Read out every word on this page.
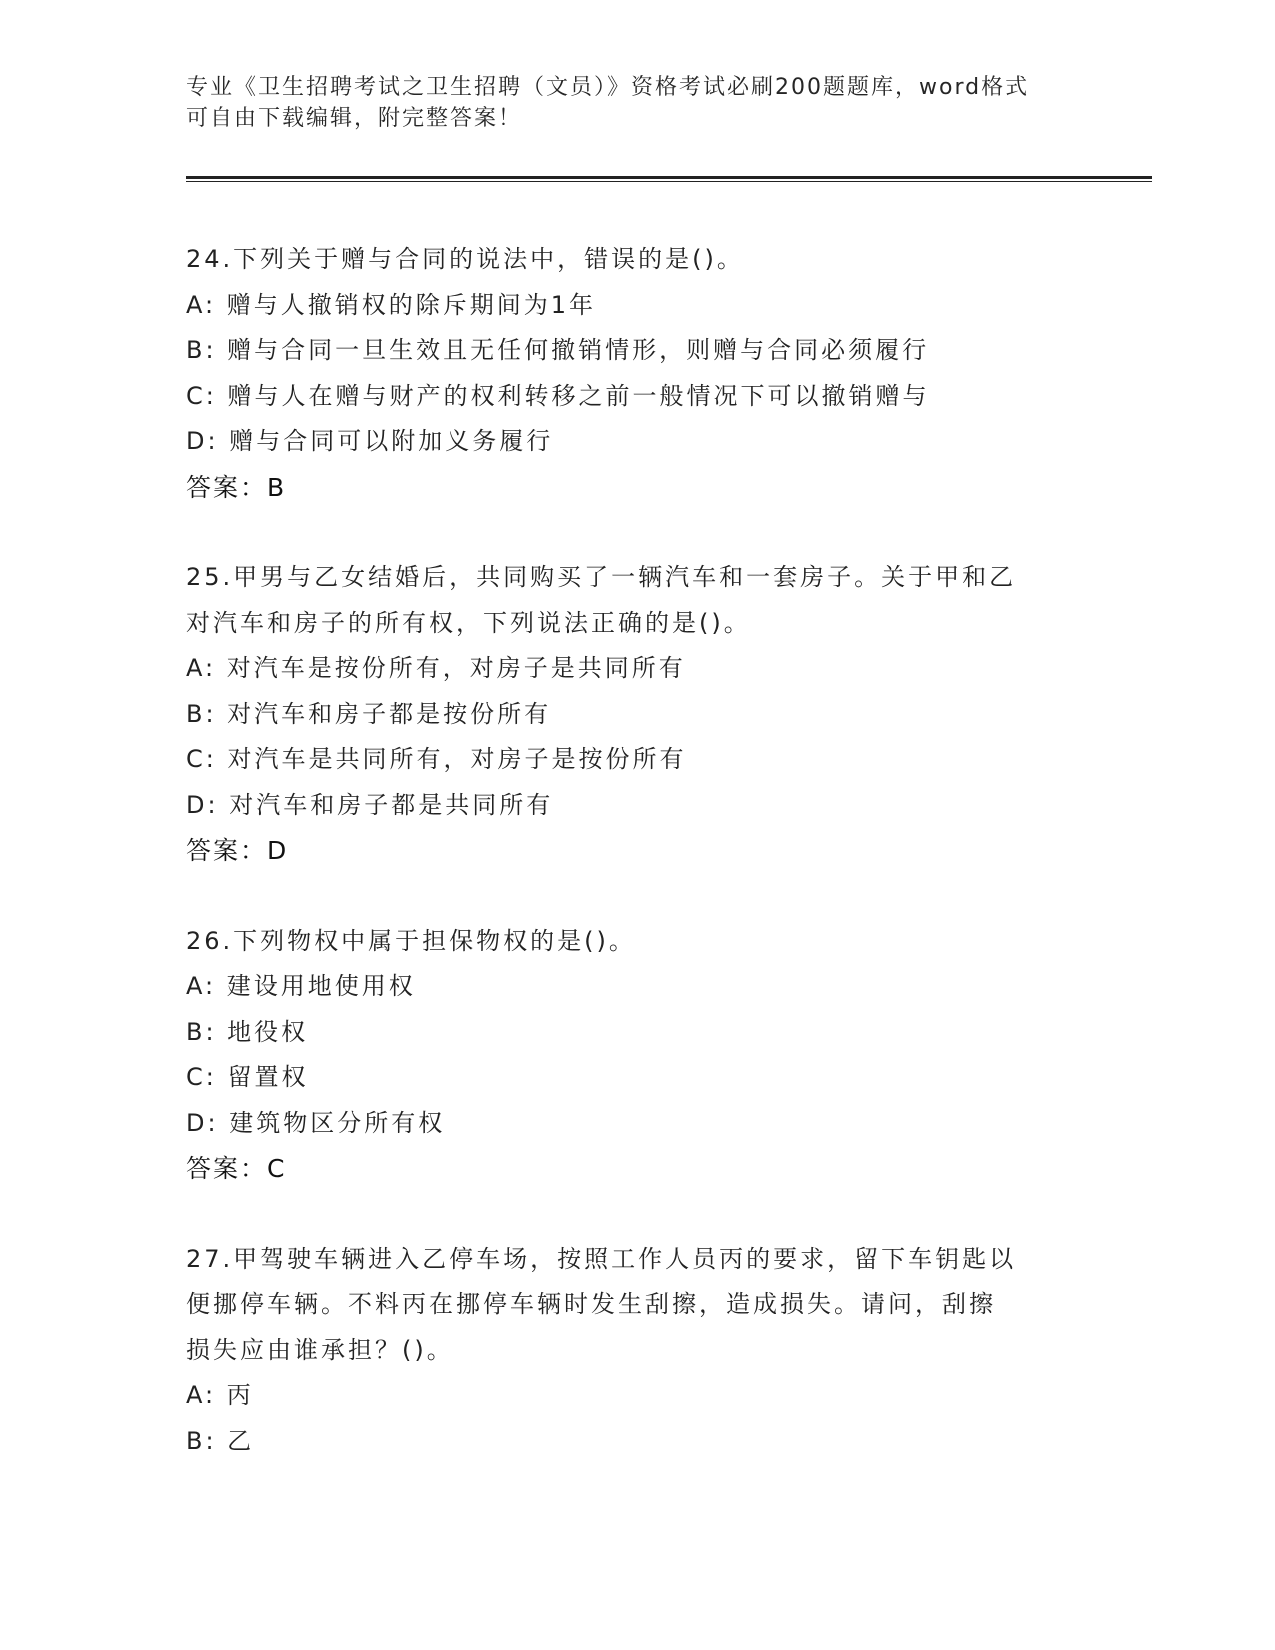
专业《卫生招聘考试之卫生招聘（文员）》资格考试必刷200题题库，word格式
可自由下载编辑，附完整答案！
24.下列关于赠与合同的说法中，错误的是()。
A: 赠与人撤销权的除斥期间为1年
B: 赠与合同一旦生效且无任何撤销情形，则赠与合同必须履行
C: 赠与人在赠与财产的权利转移之前一般情况下可以撤销赠与
D: 赠与合同可以附加义务履行
答案：B
25.甲男与乙女结婚后，共同购买了一辆汽车和一套房子。关于甲和乙
对汽车和房子的所有权，下列说法正确的是()。
A: 对汽车是按份所有，对房子是共同所有
B: 对汽车和房子都是按份所有
C: 对汽车是共同所有，对房子是按份所有
D: 对汽车和房子都是共同所有
答案：D
26.下列物权中属于担保物权的是()。
A: 建设用地使用权
B: 地役权
C: 留置权
D: 建筑物区分所有权
答案：C
27.甲驾驶车辆进入乙停车场，按照工作人员丙的要求，留下车钥匙以
便挪停车辆。不料丙在挪停车辆时发生刮擦，造成损失。请问，刮擦
损失应由谁承担？()。
A: 丙
B: 乙
